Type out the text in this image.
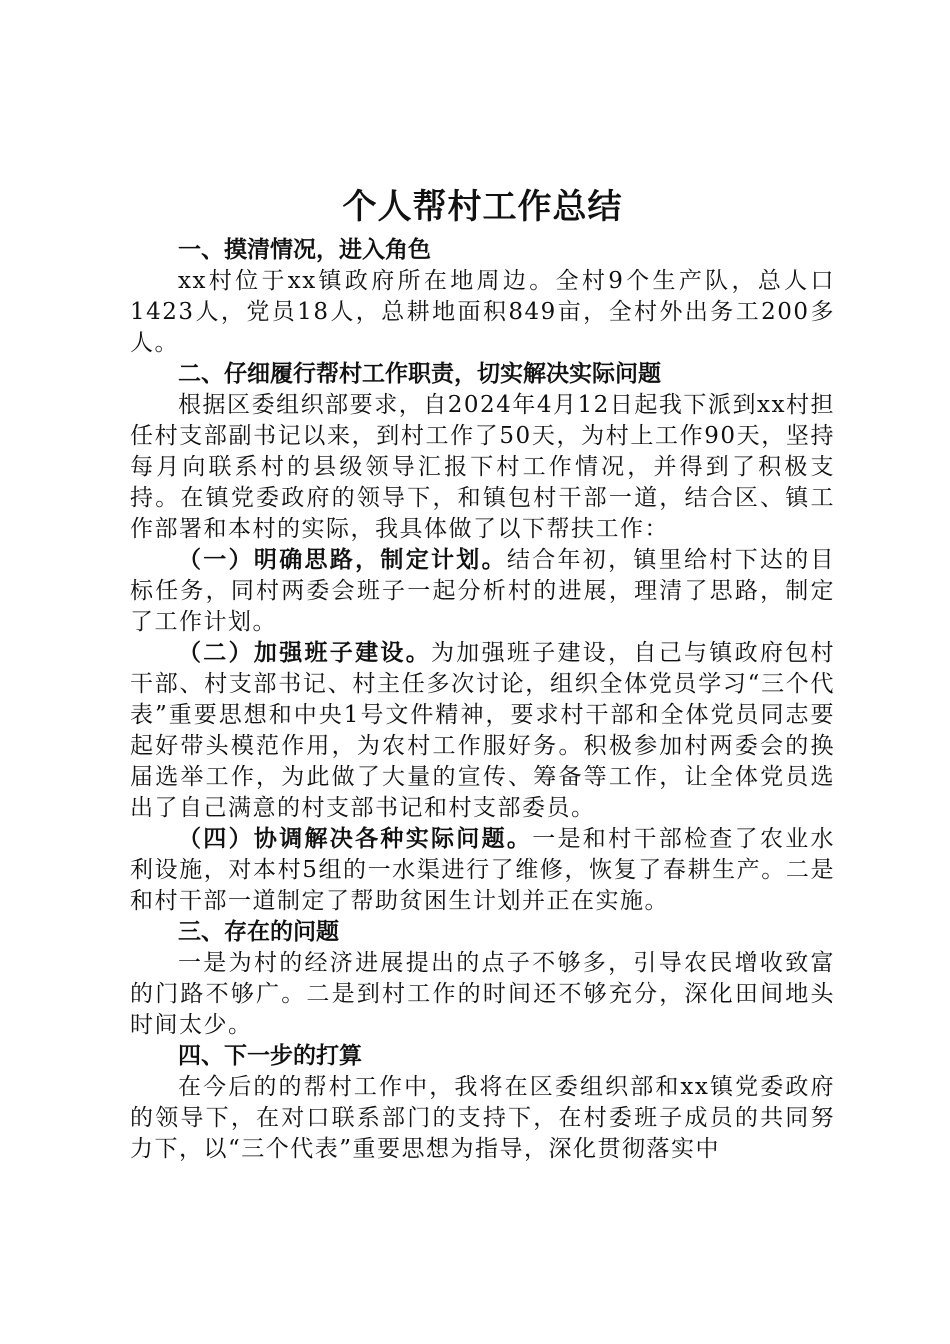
个人帮村工作总结

一、摸清情况，进入角色

xx村位于xx镇政府所在地周边。全村9个生产队，总人口1423人，党员18人，总耕地面积849亩，全村外出务工200多人。

二、仔细履行帮村工作职责，切实解决实际问题

根据区委组织部要求，自2024年4月12日起我下派到xx村担任村支部副书记以来，到村工作了50天，为村上工作90天，坚持每月向联系村的县级领导汇报下村工作情况，并得到了积极支持。在镇党委政府的领导下，和镇包村干部一道，结合区、镇工作部署和本村的实际，我具体做了以下帮扶工作：

（一）明确思路，制定计划。结合年初，镇里给村下达的目标任务，同村两委会班子一起分析村的进展，理清了思路，制定了工作计划。

（二）加强班子建设。为加强班子建设，自己与镇政府包村干部、村支部书记、村主任多次讨论，组织全体党员学习“三个代表”重要思想和中央1号文件精神，要求村干部和全体党员同志要起好带头模范作用，为农村工作服好务。积极参加村两委会的换届选举工作，为此做了大量的宣传、筹备等工作，让全体党员选出了自己满意的村支部书记和村支部委员。

（四）协调解决各种实际问题。一是和村干部检查了农业水利设施，对本村5组的一水渠进行了维修，恢复了春耕生产。二是和村干部一道制定了帮助贫困生计划并正在实施。

三、存在的问题

一是为村的经济进展提出的点子不够多，引导农民增收致富的门路不够广。二是到村工作的时间还不够充分，深化田间地头时间太少。

四、下一步的打算

在今后的的帮村工作中，我将在区委组织部和xx镇党委政府的领导下，在对口联系部门的支持下，在村委班子成员的共同努力下，以“三个代表”重要思想为指导，深化贯彻落实中
